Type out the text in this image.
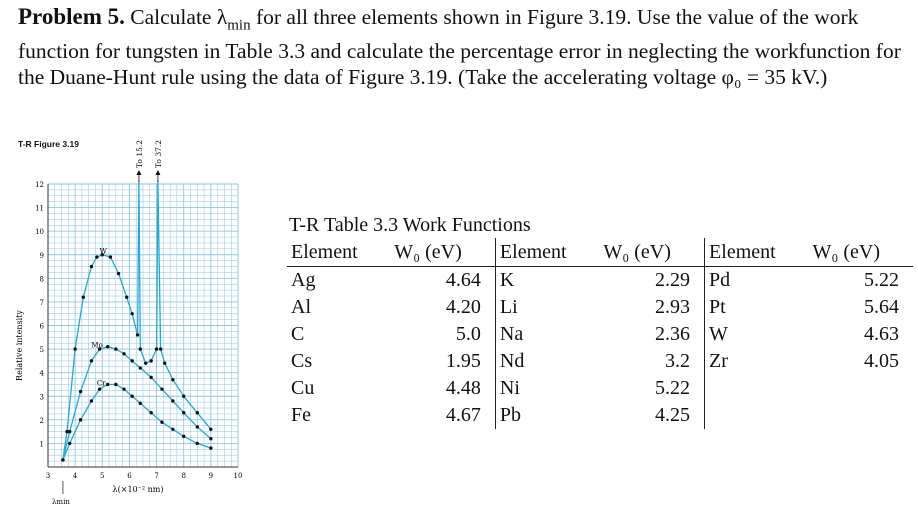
Problem 5. Calculate $\lambda_{min}$ for all three elements shown in Figure 3.19. Use the value of the work function for tungsten in Table 3.3 and calculate the percentage error in neglecting the workfunction for the Duane-Hunt rule using the data of Figure 3.19. (Take the accelerating voltage φ₀ = 35 kV.)
1
2
3
4
5
6
7
8
9
10
11
12
3	4	5	6	7	8	9	10
Relative intensity
λ(×10⁻² nm)
λmin
W
Mo
Cr
To 15.2 To 37.2
T-R Figure 3.19
T-R Table 3.3 Work Functions
Element	W₀ (eV)	Element	W₀ (eV)	Element	W₀ (eV)
Ag	4.64	K	2.29	Pd	5.22
Al	4.20	Li	2.93	Pt	5.64
C	5.0	Na	2.36	W	4.63
Cs	1.95	Nd	3.2	Zr	4.05
Cu	4.48	Ni	5.22		
Fe	4.67	Pb	4.25		
